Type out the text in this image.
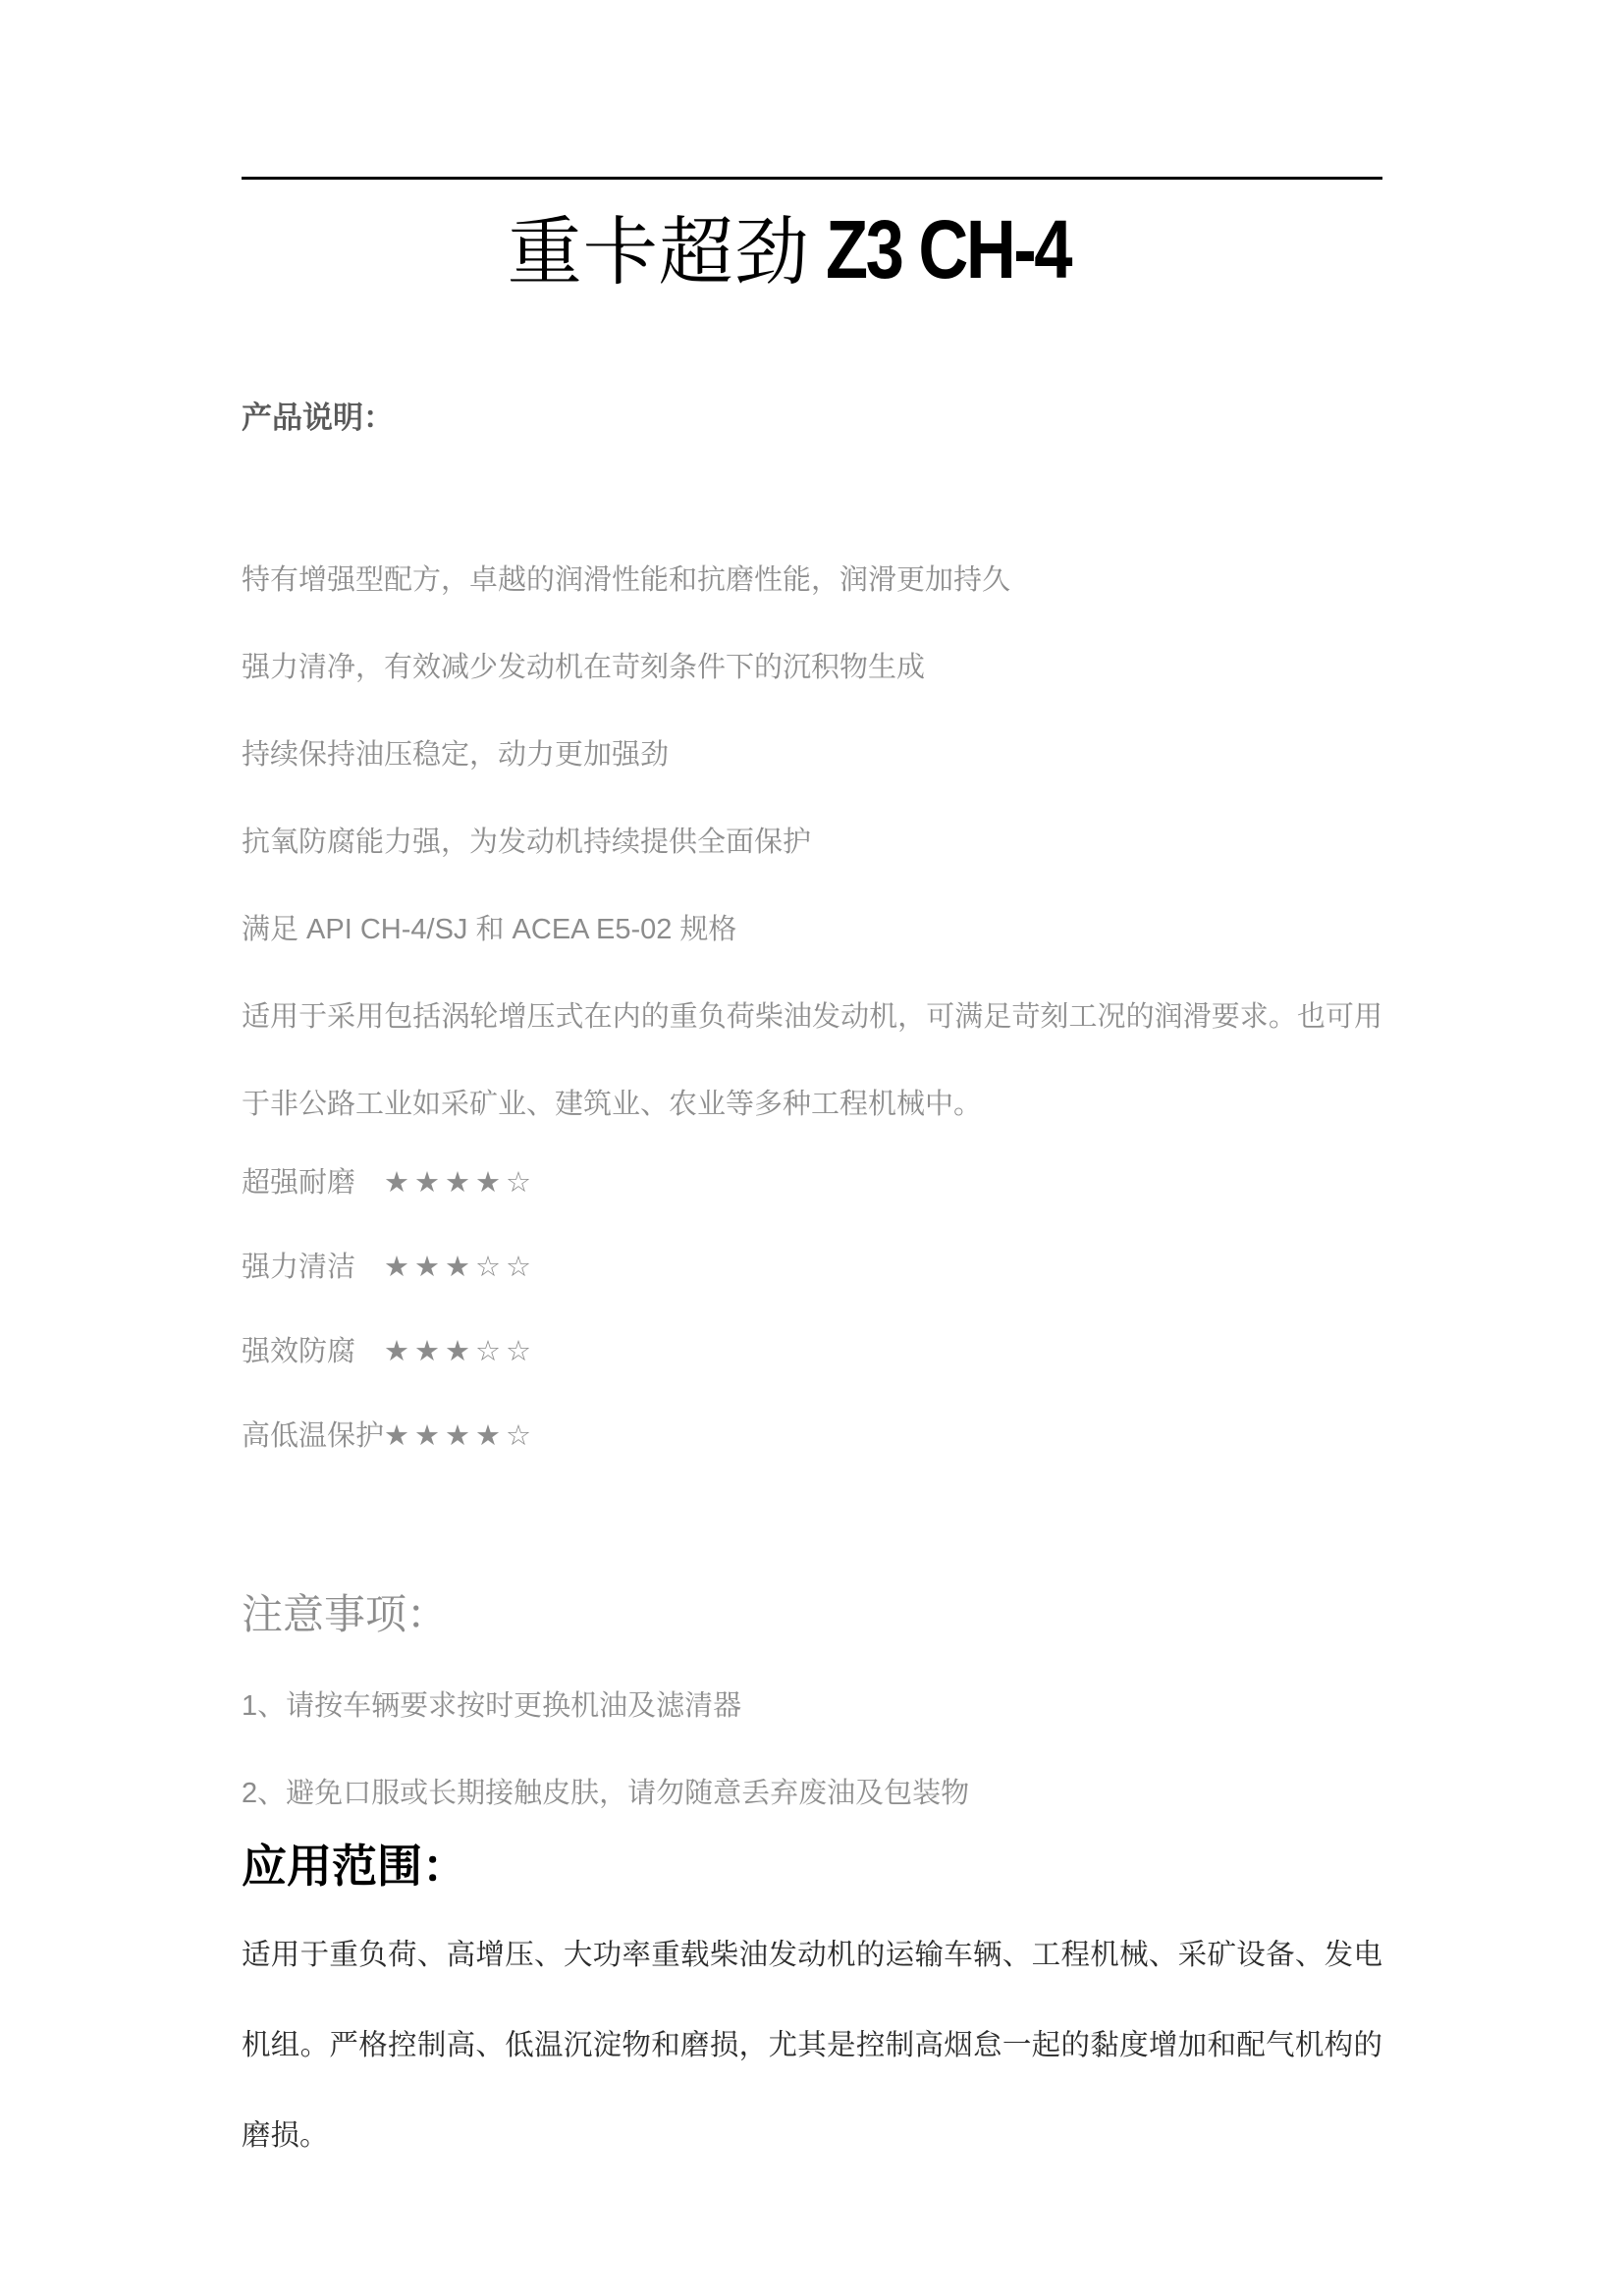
重卡超劲 Z3 CH-4
产品说明：

特有增强型配方，卓越的润滑性能和抗磨性能，润滑更加持久

强力清净，有效减少发动机在苛刻条件下的沉积物生成

持续保持油压稳定，动力更加强劲

抗氧防腐能力强，为发动机持续提供全面保护

满足 API CH-4/SJ 和 ACEA E5-02 规格

适用于采用包括涡轮增压式在内的重负荷柴油发动机，可满足苛刻工况的润滑要求。也可用于非公路工业如采矿业、建筑业、农业等多种工程机械中。

超强耐磨　★★★★☆

强力清洁　★★★☆☆

强效防腐　★★★☆☆

高低温保护★★★★☆

注意事项：

1、请按车辆要求按时更换机油及滤清器

2、避免口服或长期接触皮肤，请勿随意丢弃废油及包装物

应用范围：

适用于重负荷、高增压、大功率重载柴油发动机的运输车辆、工程机械、采矿设备、发电机组。严格控制高、低温沉淀物和磨损，尤其是控制高烟怠一起的黏度增加和配气机构的磨损。
